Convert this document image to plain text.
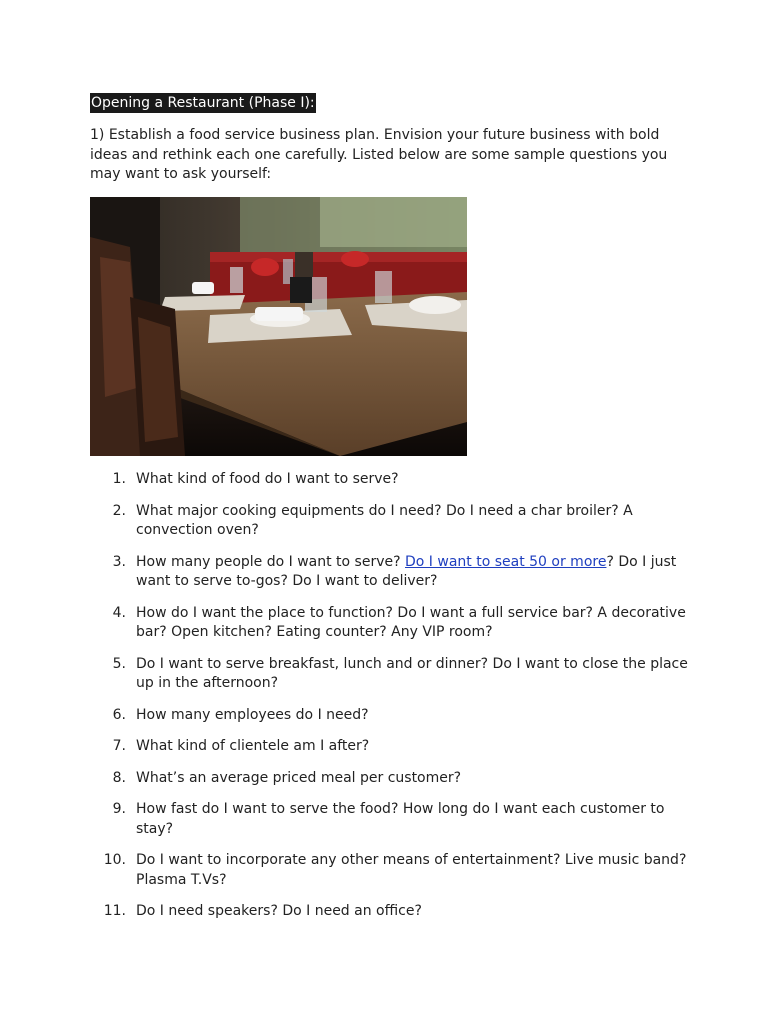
Opening a Restaurant (Phase I):

1) Establish a food service business plan. Envision your future business with bold ideas and rethink each one carefully. Listed below are some sample questions you may want to ask yourself:

1. What kind of food do I want to serve?
2. What major cooking equipments do I need? Do I need a char broiler? A convection oven?
3. How many people do I want to serve? Do I want to seat 50 or more? Do I just want to serve to-gos? Do I want to deliver?
4. How do I want the place to function? Do I want a full service bar? A decorative bar? Open kitchen? Eating counter? Any VIP room?
5. Do I want to serve breakfast, lunch and or dinner? Do I want to close the place up in the afternoon?
6. How many employees do I need?
7. What kind of clientele am I after?
8. What’s an average priced meal per customer?
9. How fast do I want to serve the food? How long do I want each customer to stay?
10. Do I want to incorporate any other means of entertainment? Live music band? Plasma T.Vs?
11. Do I need speakers? Do I need an office?
